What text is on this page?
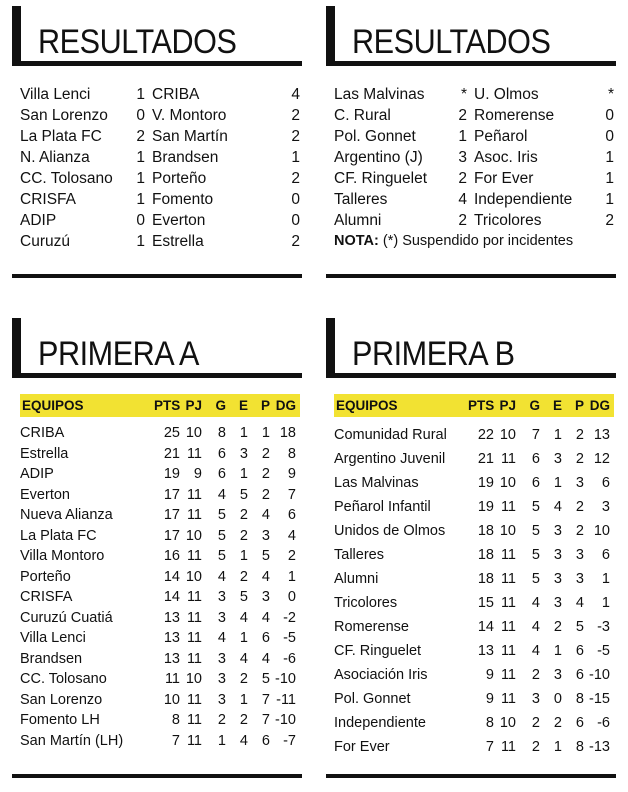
RESULTADOS
Villa Lenci	1 CRIBA	4
San Lorenzo	0 V. Montoro	2
La Plata FC	2 San Martín	2
N. Alianza	1 Brandsen	1
CC. Tolosano	1 Porteño	2
CRISFA	1 Fomento	0
ADIP	0 Everton	0
Curuzú	1 Estrella	2
RESULTADOS
Las Malvinas	* U. Olmos	*
C. Rural	2 Romerense	0
Pol. Gonnet	1 Peñarol	0
Argentino (J)	3 Asoc. Iris	1
CF. Ringuelet	2 For Ever	1
Talleres	4 Independiente	1
Alumni	2 Tricolores	2
NOTA: (*) Suspendido por incidentes
PRIMERA A
EQUIPOS	PTS PJ G E P DG
CRIBA	25 10	8 1 1 18
Estrella	21 11	6 3 2	8
ADIP	19 9	6 1 2	9
Everton	17 11	4 5 2	7
Nueva Alianza	17 11	5 2 4	6
La Plata FC	17 10	5 2 3	4
Villa Montoro	16 11	5 1 5	2
Porteño	14 10	4 2 4	1
CRISFA	14 11	3 5 3	0
Curuzú Cuatiá	13 11	3 4 4 -2
Villa Lenci	13 11	4 1 6 -5
Brandsen	13 11	3 4 4 -6
CC. Tolosano	11 10	3 2 5 -10
San Lorenzo	10 11	3 1 7 -11
Fomento LH	8 11	2 2 7 -10
San Martín (LH)	7 11	1 4 6 -7
PRIMERA B
EQUIPOS	PTS PJ G E P DG
Comunidad Rural	22 10	7 1 2 13
Argentino Juvenil	21 11	6 3 2 12
Las Malvinas	19 10	6 1 3	6
Peñarol Infantil	19 11	5 4 2	3
Unidos de Olmos	18 10	5 3 2 10
Talleres	18 11	5 3 3	6
Alumni	18 11	5 3 3	1
Tricolores	15 11	4 3 4	1
Romerense	14 11	4 2 5 -3
CF. Ringuelet	13 11	4 1 6 -5
Asociación Iris	9 11	2 3 6 -10
Pol. Gonnet	9 11	3 0 8 -15
Independiente	8 10	2 2 6 -6
For Ever	7 11	2 1 8 -13
